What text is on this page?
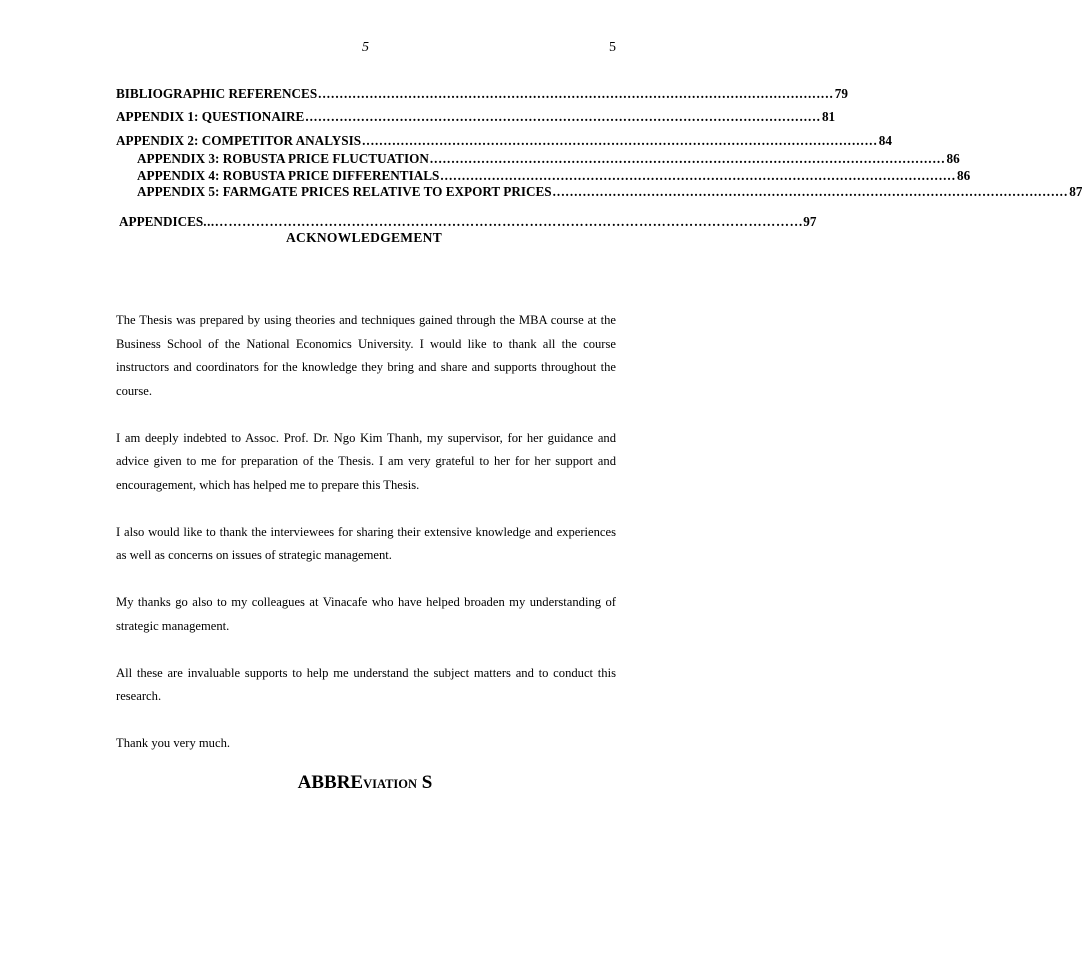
5	5
BIBLIOGRAPHIC REFERENCES ........................................................................................................................ 79
APPENDIX 1: QUESTIONAIRE ........................................................................................................................ 81
APPENDIX 2: COMPETITOR ANALYSIS ........................................................................................................................ 84
APPENDIX 3: ROBUSTA PRICE FLUCTUATION ........................................................................................................................ 86
APPENDIX 4: ROBUSTA PRICE DIFFERENTIALS ........................................................................................................................ 86
APPENDIX 5: FARMGATE PRICES RELATIVE TO EXPORT PRICES ........................................................................................................................ 87
APPENDICES ...………………………………………………………………………………………………………………… 97
ACKNOWLEDGEMENT

The Thesis was prepared by using theories and techniques gained through the MBA course at the Business School of the National Economics University. I would like to thank all the course instructors and coordinators for the knowledge they bring and share and supports throughout the course.

I am deeply indebted to Assoc. Prof. Dr. Ngo Kim Thanh, my supervisor, for her guidance and advice given to me for preparation of the Thesis. I am very grateful to her for her support and encouragement, which has helped me to prepare this Thesis.

I also would like to thank the interviewees for sharing their extensive knowledge and experiences as well as concerns on issues of strategic management.

My thanks go also to my colleagues at Vinacafe who have helped broaden my understanding of strategic management.

All these are invaluable supports to help me understand the subject matters and to conduct this research.

Thank you very much.

ABBREVIATION S
